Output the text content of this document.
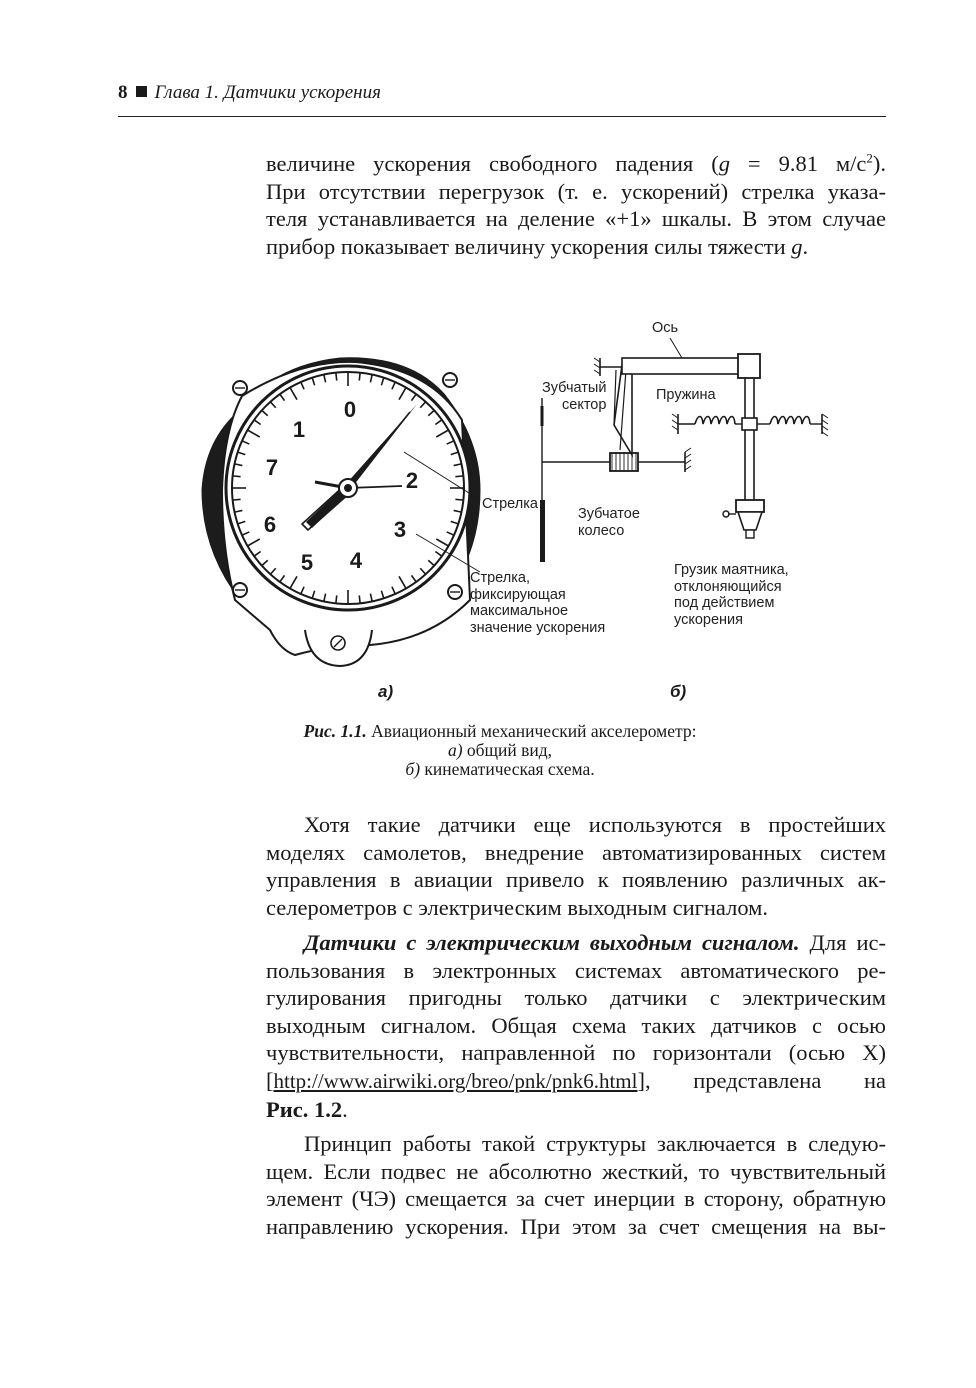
8 Глава 1. Датчики ускорения

величине ускорения свободного падения (g = 9.81 $м/с^2$).

При отсутствии перегрузок (т. е. ускорений) стрелка указа-

теля устанавливается на деление «+1» шкалы. В этом случае

прибор показывает величину ускорения силы тяжести g.

0
1
7
6
5 4
3
2
Ось
Зубчатый
сектор
Пружина
Стрелка
Зубчатое
колесо
Стрелка,
фиксирующая
максимальное
значение ускорения
Грузик маятника,
отклоняющийся
под действием
ускорения
а)	б)
Рис. 1.1. Авиационный механический акселерометр:
а) общий вид,
б) кинематическая схема.

Хотя такие датчики еще используются в простейших

моделях самолетов, внедрение автоматизированных систем

управления в авиации привело к появлению различных ак-

селерометров с электрическим выходным сигналом.

Датчики с электрическим выходным сигналом. Для ис-

пользования в электронных системах автоматического ре-

гулирования пригодны только датчики с электрическим

выходным сигналом. Общая схема таких датчиков с осью

чувствительности, направленной по горизонтали (осью X)

[http://www.airwiki.org/breo/pnk/pnk6.html], представлена на

Рис. 1.2.

Принцип работы такой структуры заключается в следую-

щем. Если подвес не абсолютно жесткий, то чувствительный

элемент (ЧЭ) смещается за счет инерции в сторону, обратную

направлению ускорения. При этом за счет смещения на вы-
